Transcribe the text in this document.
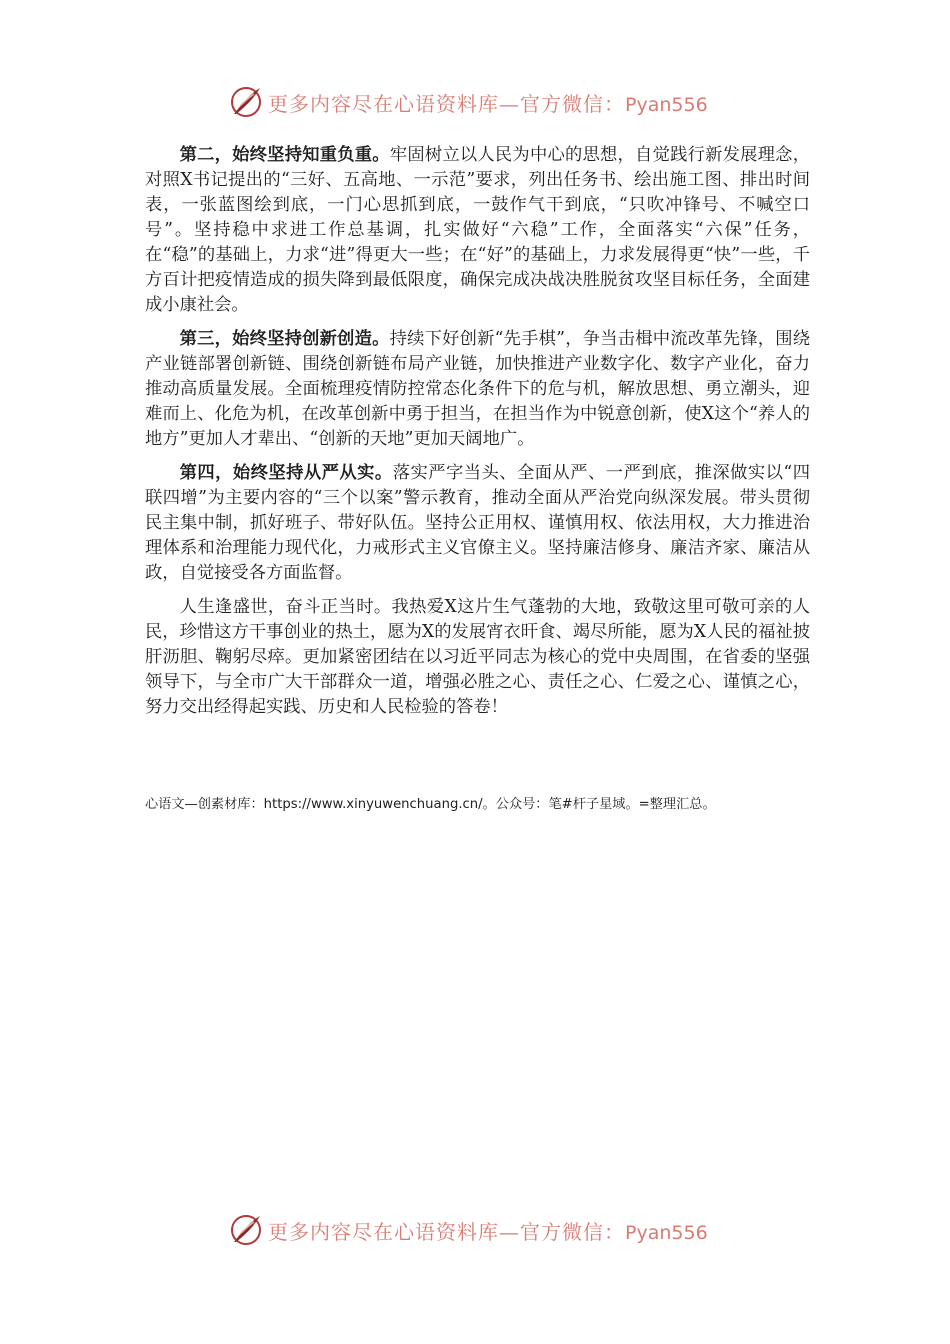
更多内容尽在心语资料库—官方微信：Pyan556

第二，始终坚持知重负重。牢固树立以人民为中心的思想，自觉践行新发展理念，对照X书记提出的“三好、五高地、一示范”要求，列出任务书、绘出施工图、排出时间表，一张蓝图绘到底，一门心思抓到底，一鼓作气干到底，“只吹冲锋号、不喊空口号”。坚持稳中求进工作总基调，扎实做好“六稳”工作，全面落实“六保”任务，在“稳”的基础上，力求“进”得更大一些；在“好”的基础上，力求发展得更“快”一些，千方百计把疫情造成的损失降到最低限度，确保完成决战决胜脱贫攻坚目标任务，全面建成小康社会。

第三，始终坚持创新创造。持续下好创新“先手棋”，争当击楫中流改革先锋，围绕产业链部署创新链、围绕创新链布局产业链，加快推进产业数字化、数字产业化，奋力推动高质量发展。全面梳理疫情防控常态化条件下的危与机，解放思想、勇立潮头，迎难而上、化危为机，在改革创新中勇于担当，在担当作为中锐意创新，使X这个“养人的地方”更加人才辈出、“创新的天地”更加天阔地广。

第四，始终坚持从严从实。落实严字当头、全面从严、一严到底，推深做实以“四联四增”为主要内容的“三个以案”警示教育，推动全面从严治党向纵深发展。带头贯彻民主集中制，抓好班子、带好队伍。坚持公正用权、谨慎用权、依法用权，大力推进治理体系和治理能力现代化，力戒形式主义官僚主义。坚持廉洁修身、廉洁齐家、廉洁从政，自觉接受各方面监督。

人生逢盛世，奋斗正当时。我热爱X这片生气蓬勃的大地，致敬这里可敬可亲的人民，珍惜这方干事创业的热土，愿为X的发展宵衣旰食、竭尽所能，愿为X人民的福祉披肝沥胆、鞠躬尽瘁。更加紧密团结在以习近平同志为核心的党中央周围，在省委的坚强领导下，与全市广大干部群众一道，增强必胜之心、责任之心、仁爱之心、谨慎之心，努力交出经得起实践、历史和人民检验的答卷！

心语文—创素材库：https://www.xinyuwenchuang.cn/。公众号：笔#杆子星域。=整理汇总。
更多内容尽在心语资料库—官方微信：Pyan556
